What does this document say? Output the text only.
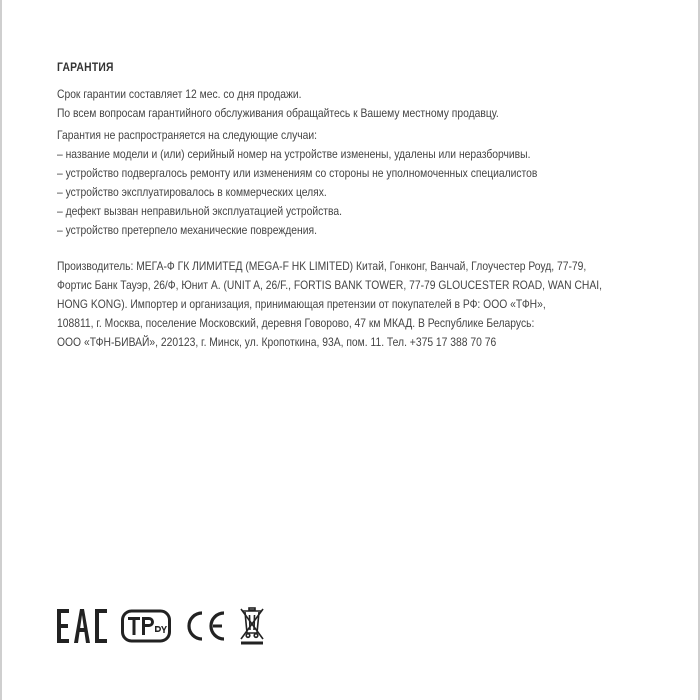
ГАРАНТИЯ

Срок гарантии составляет 12 мес. со дня продажи.

По всем вопросам гарантийного обслуживания обращайтесь к Вашему местному продавцу.

Гарантия не распространяется на следующие случаи:

– название модели и (или) серийный номер на устройстве изменены, удалены или неразборчивы.

– устройство подвергалось ремонту или изменениям со стороны не уполномоченных специалистов

– устройство эксплуатировалось в коммерческих целях.

– дефект вызван неправильной эксплуатацией устройства.

– устройство претерпело механические повреждения.

Производитель: МЕГА-Ф ГК ЛИМИТЕД (MEGA-F HK LIMITED) Китай, Гонконг, Ванчай, Глоучестер Роуд, 77-79,

Фортис Банк Тауэр, 26/Ф, Юнит А. (UNIT A, 26/F., FORTIS BANK TOWER, 77-79 GLOUCESTER ROAD, WAN CHAI,

HONG KONG). Импортер и организация, принимающая претензии от покупателей в РФ: ООО «ТФН»,

108811, г. Москва, поселение Московский, деревня Говорово, 47 км МКАД. В Республике Беларусь:

ООО «ТФН-БИВАЙ», 220123, г. Минск, ул. Кропоткина, 93А, пом. 11. Тел. +375 17 388 70 76
